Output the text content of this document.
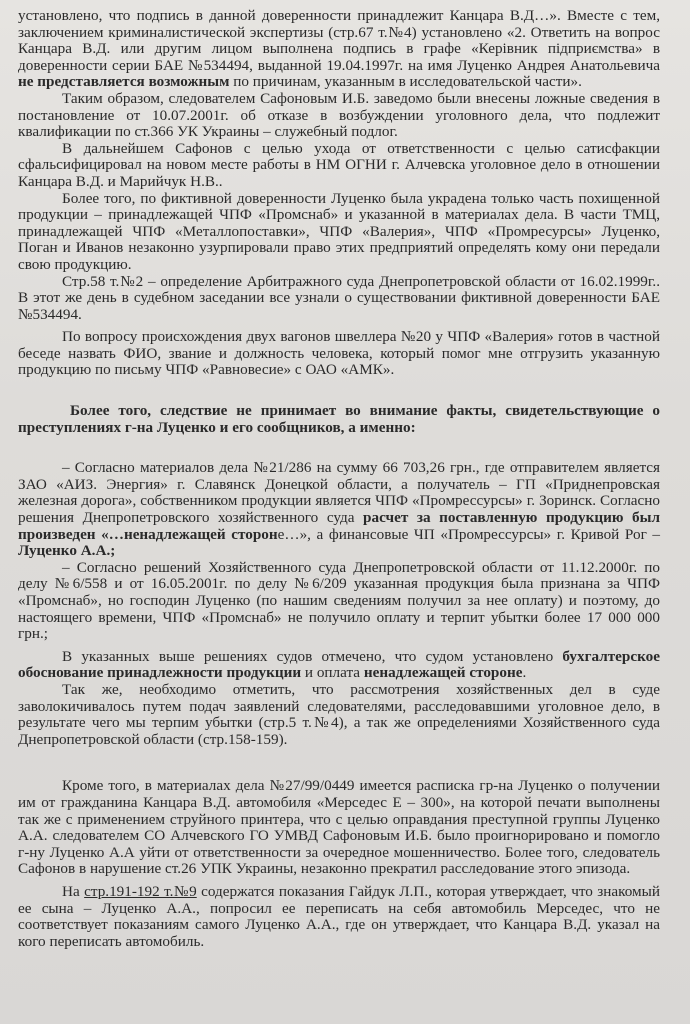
установлено, что подпись в данной доверенности принадлежит Канцара В.Д…». Вместе с тем, заключением криминалистической экспертизы (стр.67 т.№4) установлено «2. Ответить на вопрос Канцара В.Д. или другим лицом выполнена подпись в графе «Керівник підприємства» в доверенности серии БАЕ №534494, выданной 19.04.1997г. на имя Луценко Андрея Анатольевича не представляется возможным по причинам, указанным в исследовательской части».

Таким образом, следователем Сафоновым И.Б. заведомо были внесены ложные сведения в постановление от 10.07.2001г. об отказе в возбуждении уголовного дела, что подлежит квалификации по ст.366 УК Украины – служебный подлог.

В дальнейшем Сафонов с целью ухода от ответственности с целью сатисфакции сфальсифицировал на новом месте работы в НМ ОГНИ г. Алчевска уголовное дело в отношении Канцара В.Д. и Марийчук Н.В..

Более того, по фиктивной доверенности Луценко была украдена только часть похищенной продукции – принадлежащей ЧПФ «Промснаб» и указанной в материалах дела. В части ТМЦ, принадлежащей ЧПФ «Металлопоставки», ЧПФ «Валерия», ЧПФ «Промресурсы» Луценко, Поган и Иванов незаконно узурпировали право этих предприятий определять кому они передали свою продукцию.

Стр.58 т.№2 – определение Арбитражного суда Днепропетровской области от 16.02.1999г.. В этот же день в судебном заседании все узнали о существовании фиктивной доверенности БАЕ №534494.

По вопросу происхождения двух вагонов швеллера №20 у ЧПФ «Валерия» готов в частной беседе назвать ФИО, звание и должность человека, который помог мне отгрузить указанную продукцию по письму ЧПФ «Равновесие» с ОАО «АМК».

Более того, следствие не принимает во внимание факты, свидетельствующие о преступлениях г-на Луценко и его сообщников, а именно:

– Согласно материалов дела №21/286 на сумму 66 703,26 грн., где отправителем является ЗАО «АИЗ. Энергия» г. Славянск Донецкой области, а получатель – ГП «Приднепровская железная дорога», собственником продукции является ЧПФ «Промрессурсы» г. Зоринск. Согласно решения Днепропетровского хозяйственного суда расчет за поставленную продукцию был произведен «…ненадлежащей стороне…», а финансовые ЧП «Промрессурсы» г. Кривой Рог – Луценко А.А.;

– Согласно решений Хозяйственного суда Днепропетровской области от 11.12.2000г. по делу №6/558 и от 16.05.2001г. по делу №6/209 указанная продукция была признана за ЧПФ «Промснаб», но господин Луценко (по нашим сведениям получил за нее оплату) и поэтому, до настоящего времени, ЧПФ «Промснаб» не получило оплату и терпит убытки более 17 000 000 грн.;

В указанных выше решениях судов отмечено, что судом установлено бухгалтерское обоснование принадлежности продукции и оплата ненадлежащей стороне.

Так же, необходимо отметить, что рассмотрения хозяйственных дел в суде заволокичивалось путем подач заявлений следователями, расследовавшими уголовное дело, в результате чего мы терпим убытки (стр.5 т.№4), а так же определениями Хозяйственного суда Днепропетровской области (стр.158-159).

Кроме того, в материалах дела №27/99/0449 имеется расписка гр-на Луценко о получении им от гражданина Канцара В.Д. автомобиля «Мерседес Е – 300», на которой печати выполнены так же с применением струйного принтера, что с целью оправдания преступной группы Луценко А.А. следователем СО Алчевского ГО УМВД Сафоновым И.Б. было проигнорировано и помогло г-ну Луценко А.А уйти от ответственности за очередное мошенничество. Более того, следователь Сафонов в нарушение ст.26 УПК Украины, незаконно прекратил расследование этого эпизода.

На стр.191-192 т.№9 содержатся показания Гайдук Л.П., которая утверждает, что знакомый ее сына – Луценко А.А., попросил ее переписать на себя автомобиль Мерседес, что не соответствует показаниям самого Луценко А.А., где он утверждает, что Канцара В.Д. указал на кого переписать автомобиль.
